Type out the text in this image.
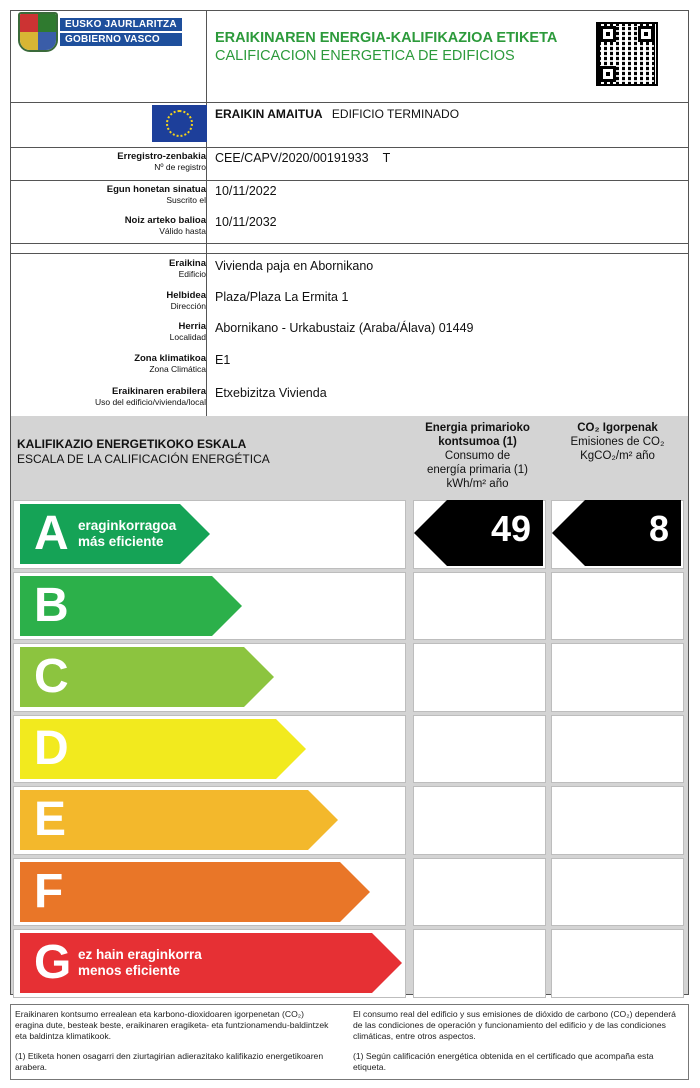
EUSKO JAURLARITZA
GOBIERNO VASCO	ERAIKINAREN ENERGIA-KALIFIKAZIOA ETIKETA
CALIFICACION ENERGETICA DE EDIFICIOS
ERAIKIN AMAITUA EDIFICIO TERMINADO
Erregistro-zenbakia
Nº de registro
CEE/CAPV/2020/00191933 T
Egun honetan sinatua
Suscrito el
10/11/2022
Noiz arteko balioa
Válido hasta
10/11/2032
Eraikina
Edificio
Vivienda paja en Abornikano
Helbidea
Dirección
Plaza/Plaza La Ermita 1
Herria
Localidad
Abornikano - Urkabustaiz (Araba/Álava) 01449
Zona klimatikoa
Zona Climática
E1
Eraikinaren erabilera
Uso del edificio/vivienda/local
Etxebizitza Vivienda
KALIFIKAZIO ENERGETIKOKO ESKALA
ESCALA DE LA CALIFICACIÓN ENERGÉTICA
Energia primarioko
kontsumoa (1)
Consumo de
energía primaria (1)
kWh/m² año
CO₂ Igorpenak
Emisiones de CO₂
KgCO₂/m² año
A eraginkorragoa
más eficiente	49	8
B
C
D
E
F
G ez hain eraginkorra
menos eficiente
Eraikinaren kontsumo errealean eta karbono-dioxidoaren igorpenetan (CO₂) eragina dute, besteak beste, eraikinaren eragiketa- eta funtzionamendu-baldintzek eta baldintza klimatikook.
El consumo real del edificio y sus emisiones de dióxido de carbono (CO₂) dependerá de las condiciones de operación y funcionamiento del edificio y de las condiciones climáticas, entre otros aspectos.
(1) Etiketa honen osagarri den ziurtagirian adierazitako kalifikazio energetikoaren arabera.
(1) Según calificación energética obtenida en el certificado que acompaña esta etiqueta.
